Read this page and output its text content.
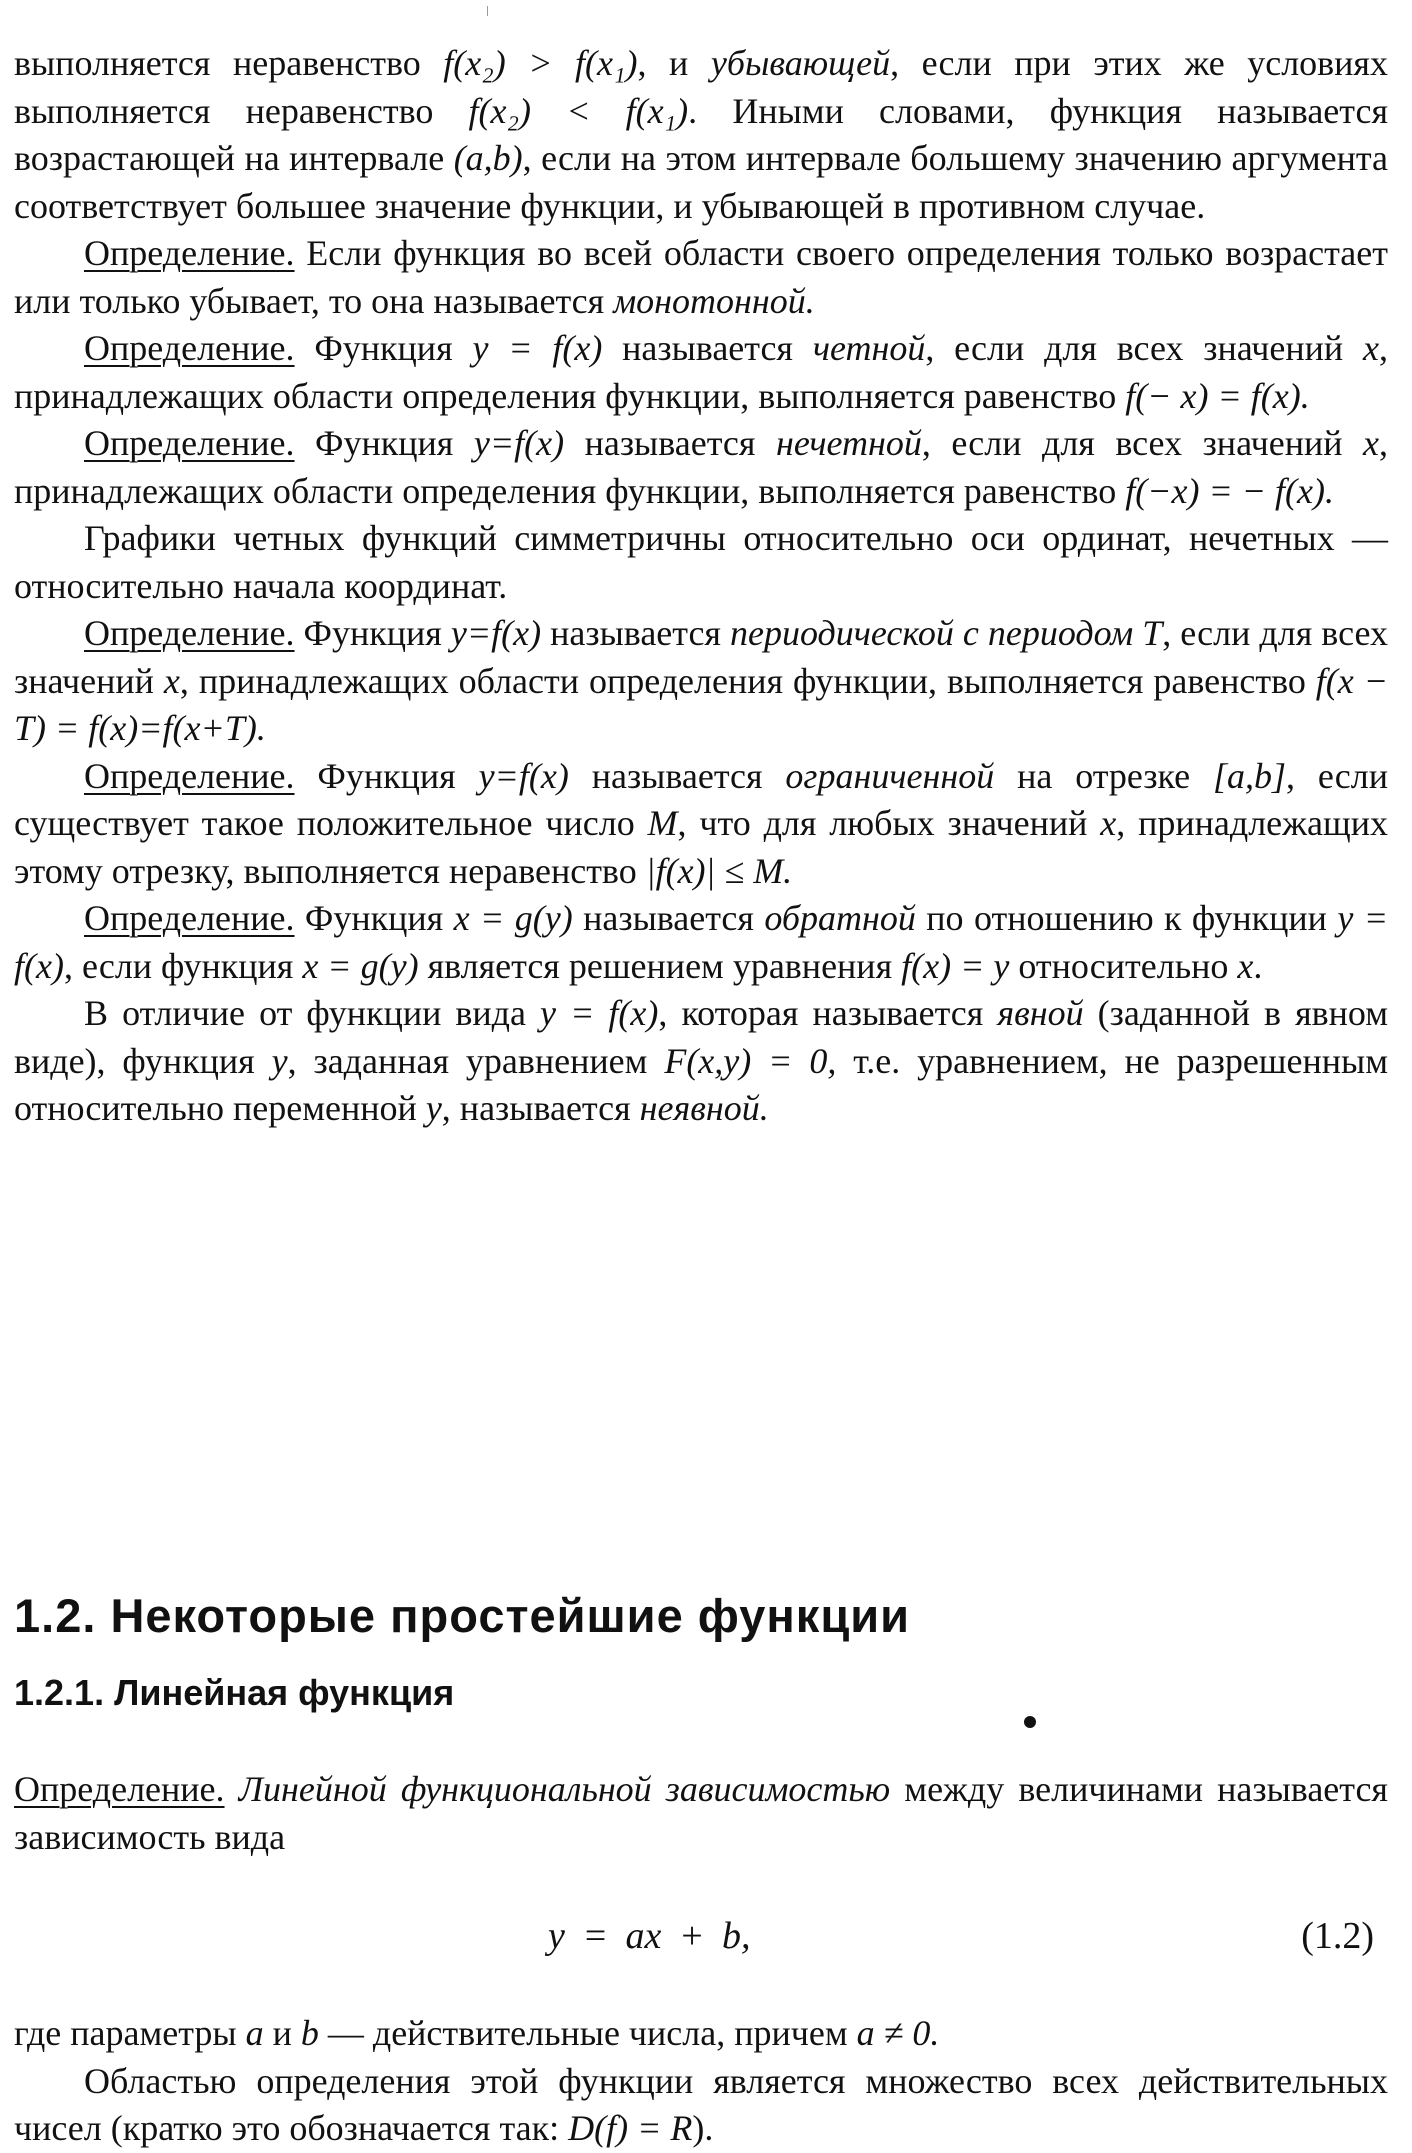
выполняется неравенство f(x₂) > f(x₁), и убывающей, если при этих же условиях выполняется неравенство f(x₂) < f(x₁). Иными словами, функция называется возрастающей на интервале (a,b), если на этом интервале большему значению аргумента соответствует большее значение функции, и убывающей в противном случае.

Определение. Если функция во всей области своего определения только возрастает или только убывает, то она называется монотонной.

Определение. Функция y = f(x) называется четной, если для всех значений x, принадлежащих области определения функции, выполняется равенство f(− x) = f(x).

Определение. Функция y=f(x) называется нечетной, если для всех значений x, принадлежащих области определения функции, выполняется равенство f(−x) = − f(x).

Графики четных функций симметричны относительно оси ординат, нечетных — относительно начала координат.

Определение. Функция y=f(x) называется периодической с периодом T, если для всех значений x, принадлежащих области определения функции, выполняется равенство f(x − T) = f(x)=f(x+T).

Определение. Функция y=f(x) называется ограниченной на отрезке [a,b], если существует такое положительное число M, что для любых значений x, принадлежащих этому отрезку, выполняется неравенство |f(x)| ≤ M.

Определение. Функция x = g(y) называется обратной по отношению к функции y = f(x), если функция x = g(y) является решением уравнения f(x) = y относительно x.

В отличие от функции вида y = f(x), которая называется явной (заданной в явном виде), функция y, заданная уравнением F(x,y) = 0, т.е. уравнением, не разрешенным относительно переменной y, называется неявной.

1.2. Некоторые простейшие функции
1.2.1. Линейная функция

Определение. Линейной функциональной зависимостью между величинами называется зависимость вида

y = ax + b,	(1.2)

где параметры a и b — действительные числа, причем a ≠ 0.

Областью определения этой функции является множество всех действительных чисел (кратко это обозначается так: D(f) = R).
